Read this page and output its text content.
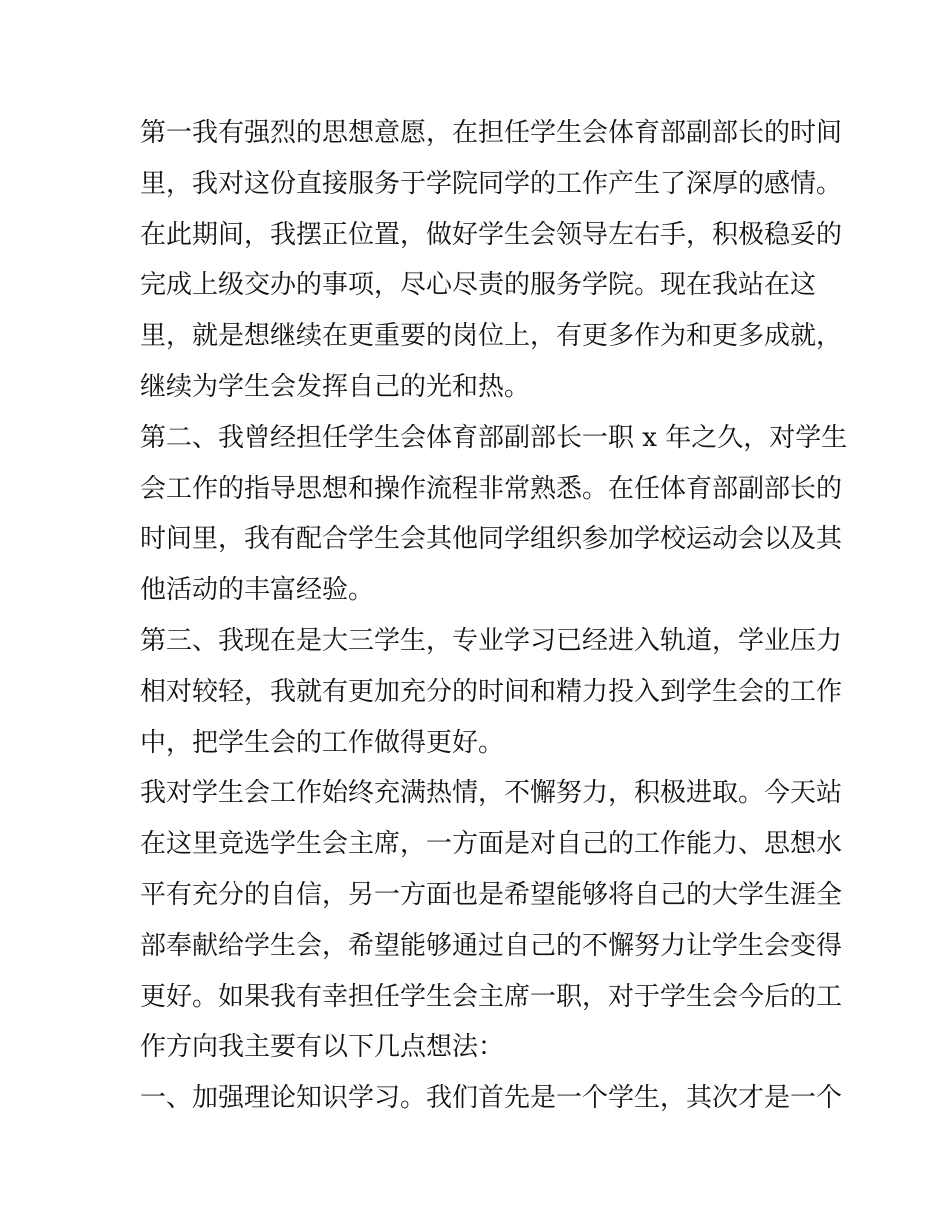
第一我有强烈的思想意愿，在担任学生会体育部副部长的时间
里，我对这份直接服务于学院同学的工作产生了深厚的感情。
在此期间，我摆正位置，做好学生会领导左右手，积极稳妥的
完成上级交办的事项，尽心尽责的服务学院。现在我站在这
里，就是想继续在更重要的岗位上，有更多作为和更多成就，
继续为学生会发挥自己的光和热。
第二、我曾经担任学生会体育部副部长一职 x 年之久，对学生
会工作的指导思想和操作流程非常熟悉。在任体育部副部长的
时间里，我有配合学生会其他同学组织参加学校运动会以及其
他活动的丰富经验。
第三、我现在是大三学生，专业学习已经进入轨道，学业压力
相对较轻，我就有更加充分的时间和精力投入到学生会的工作
中，把学生会的工作做得更好。
我对学生会工作始终充满热情，不懈努力，积极进取。今天站
在这里竞选学生会主席，一方面是对自己的工作能力、思想水
平有充分的自信，另一方面也是希望能够将自己的大学生涯全
部奉献给学生会，希望能够通过自己的不懈努力让学生会变得
更好。如果我有幸担任学生会主席一职，对于学生会今后的工
作方向我主要有以下几点想法：
一、加强理论知识学习。我们首先是一个学生，其次才是一个
